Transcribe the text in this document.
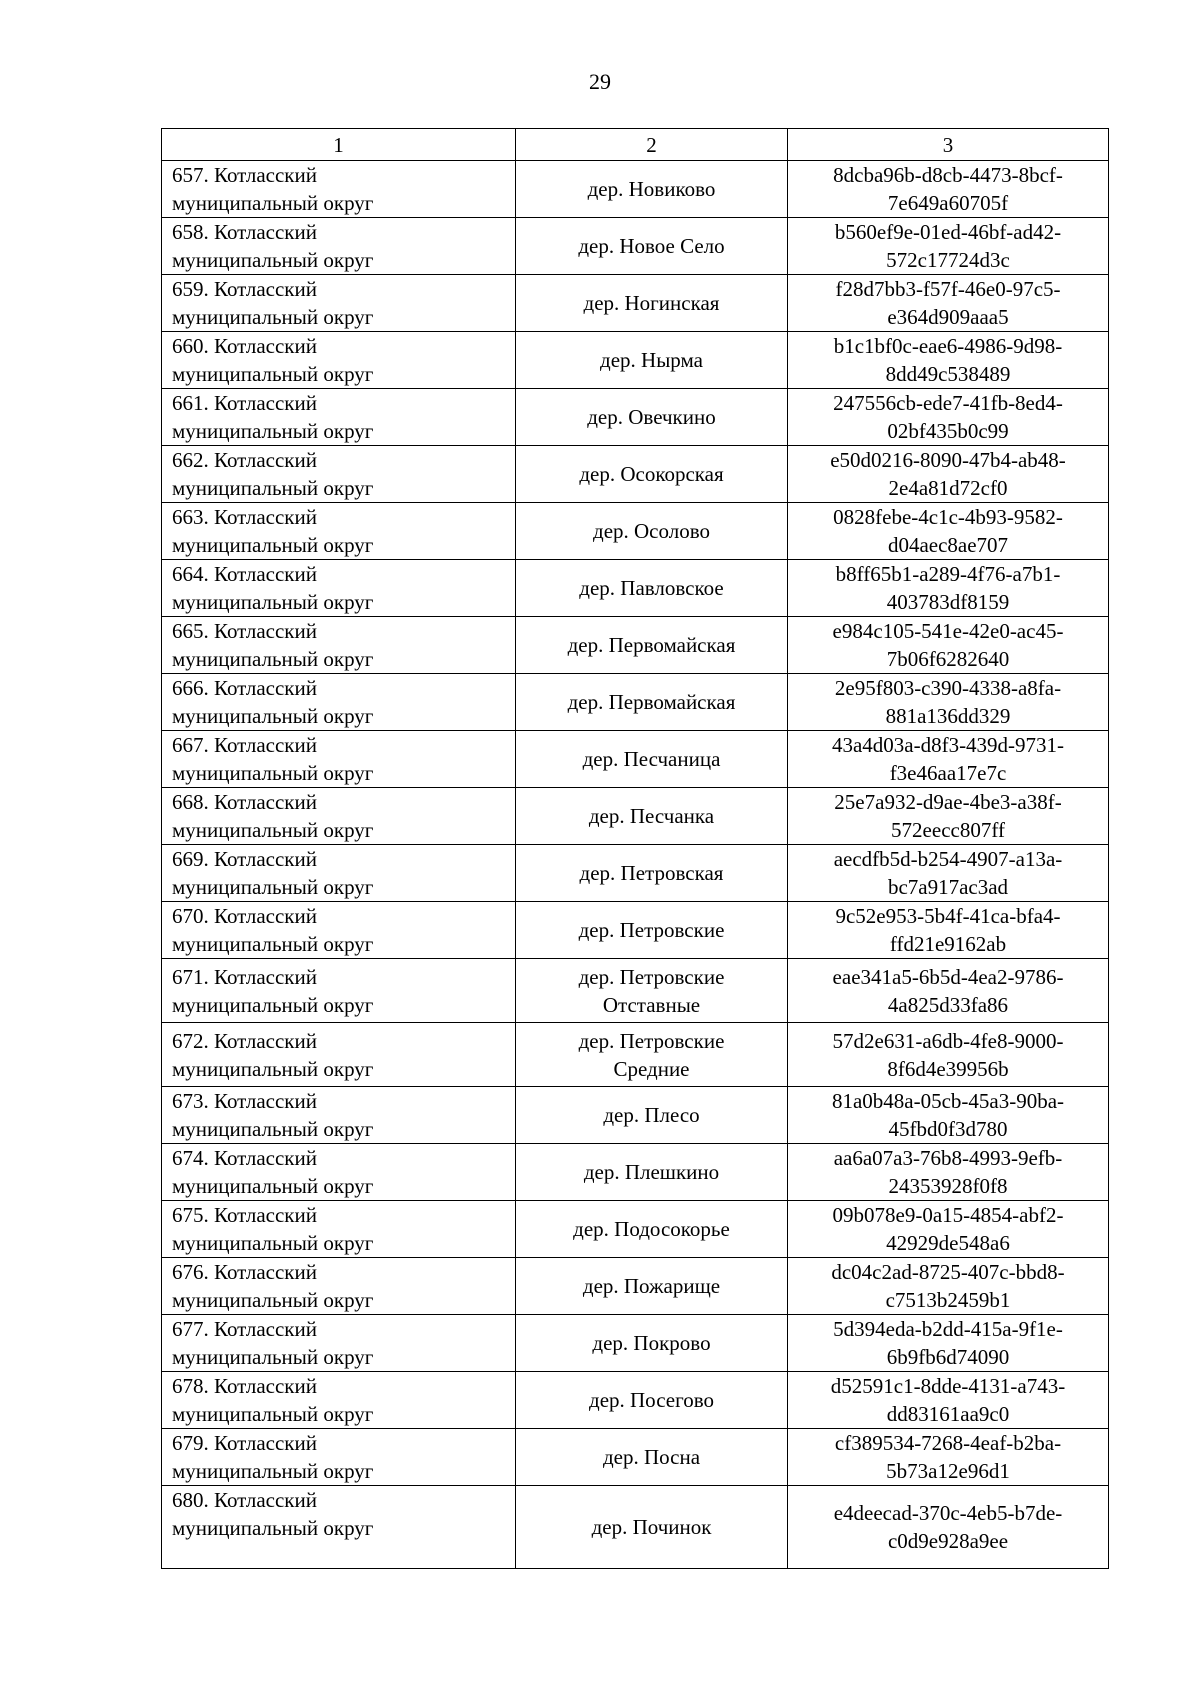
29
1	2	3

657. Котласский
муниципальный округ	дер. Новиково	8dcba96b-d8cb-4473-8bcf-
7e649a60705f

658. Котласский
муниципальный округ	дер. Новое Село	b560ef9e-01ed-46bf-ad42-
572c17724d3c

659. Котласский
муниципальный округ	дер. Ногинская	f28d7bb3-f57f-46e0-97c5-
e364d909aaa5

660. Котласский
муниципальный округ	дер. Нырма	b1c1bf0c-eae6-4986-9d98-
8dd49c538489

661. Котласский
муниципальный округ	дер. Овечкино	247556cb-ede7-41fb-8ed4-
02bf435b0c99

662. Котласский
муниципальный округ	дер. Осокорская	e50d0216-8090-47b4-ab48-
2e4a81d72cf0

663. Котласский
муниципальный округ	дер. Осолово	0828febe-4c1c-4b93-9582-
d04aec8ae707

664. Котласский
муниципальный округ	дер. Павловское	b8ff65b1-a289-4f76-a7b1-
403783df8159

665. Котласский
муниципальный округ	дер. Первомайская	e984c105-541e-42e0-ac45-
7b06f6282640

666. Котласский
муниципальный округ	дер. Первомайская	2e95f803-c390-4338-a8fa-
881a136dd329

667. Котласский
муниципальный округ	дер. Песчаница	43a4d03a-d8f3-439d-9731-
f3e46aa17e7c

668. Котласский
муниципальный округ	дер. Песчанка	25e7a932-d9ae-4be3-a38f-
572eecc807ff

669. Котласский
муниципальный округ	дер. Петровская	aecdfb5d-b254-4907-a13a-
bc7a917ac3ad

670. Котласский
муниципальный округ	дер. Петровские	9c52e953-5b4f-41ca-bfa4-
ffd21e9162ab

671. Котласский
муниципальный округ	дер. Петровские
Отставные	eae341a5-6b5d-4ea2-9786-
4a825d33fa86

672. Котласский
муниципальный округ	дер. Петровские
Средние	57d2e631-a6db-4fe8-9000-
8f6d4e39956b

673. Котласский
муниципальный округ	дер. Плесо	81a0b48a-05cb-45a3-90ba-
45fbd0f3d780

674. Котласский
муниципальный округ	дер. Плешкино	aa6a07a3-76b8-4993-9efb-
24353928f0f8

675. Котласский
муниципальный округ	дер. Подосокорье	09b078e9-0a15-4854-abf2-
42929de548a6

676. Котласский
муниципальный округ	дер. Пожарище	dc04c2ad-8725-407c-bbd8-
c7513b2459b1

677. Котласский
муниципальный округ	дер. Покрово	5d394eda-b2dd-415a-9f1e-
6b9fb6d74090

678. Котласский
муниципальный округ	дер. Посегово	d52591c1-8dde-4131-a743-
dd83161aa9c0

679. Котласский
муниципальный округ	дер. Посна	cf389534-7268-4eaf-b2ba-
5b73a12e96d1

680. Котласский
муниципальный округ	дер. Починок	e4deecad-370c-4eb5-b7de-
c0d9e928a9ee
